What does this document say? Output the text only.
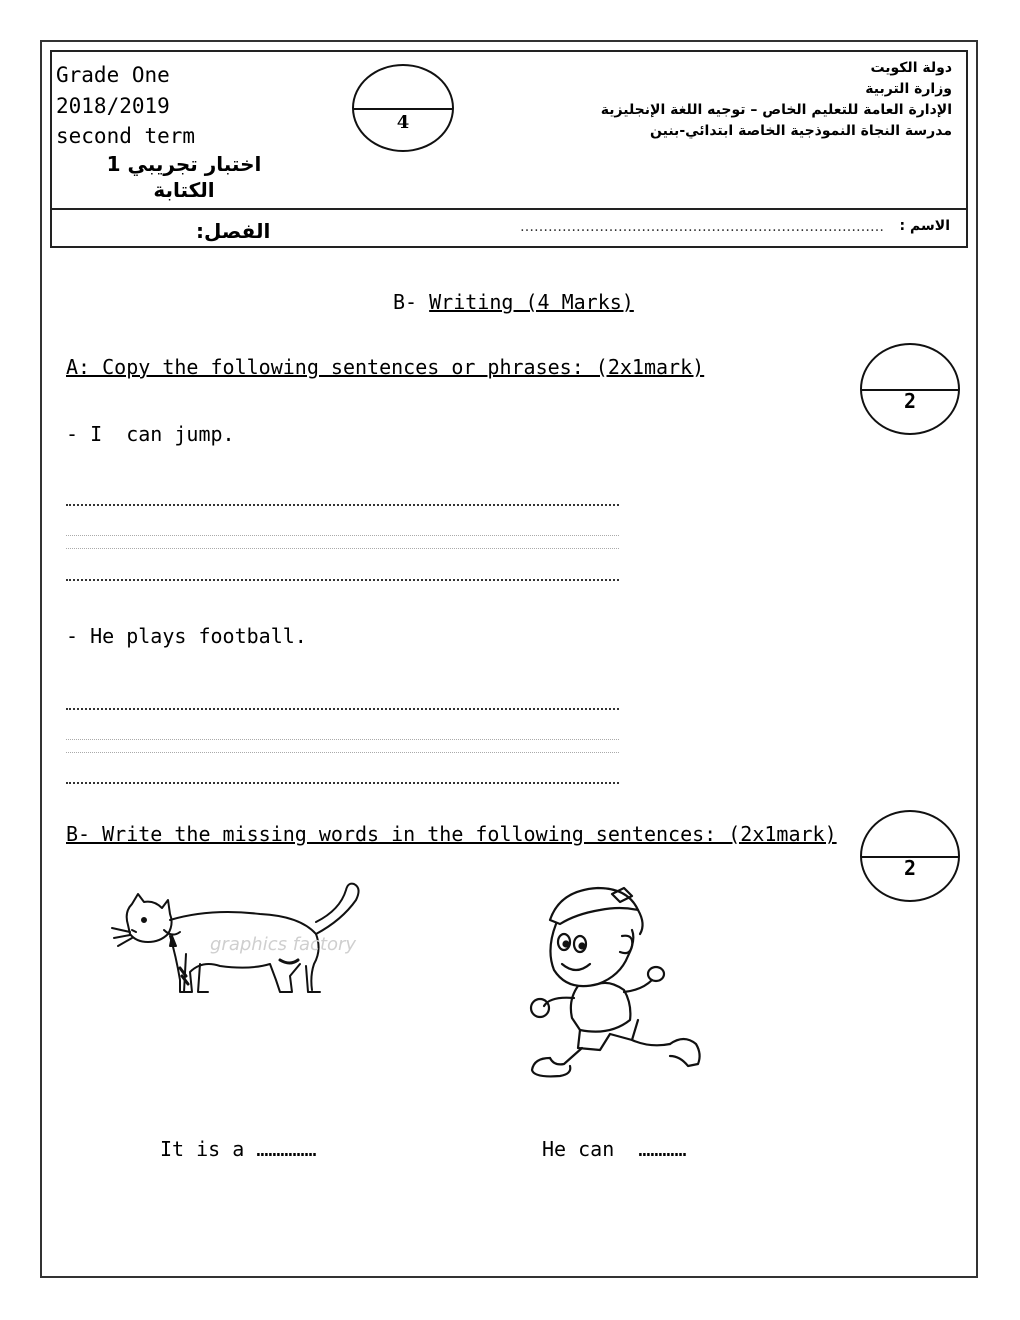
Grade One
2018/2019
second term
اختبار تجريبي 1
الكتابة
4
دولة الكويت
وزارة التربية
الإدارة العامة للتعليم الخاص – توجيه اللغة الإنجليزية
مدرسة النجاة النموذجية الخاصة ابتدائي-بنين
الاسم :
……………………………………………………………………
الفصل:
B- Writing (4 Marks)
A: Copy the following sentences or phrases: (2x1mark)
2
- I  can jump.
- He plays football.
B- Write the missing words in the following sentences: (2x1mark)
2
graphics factory
It is a ……………	He can  …………
